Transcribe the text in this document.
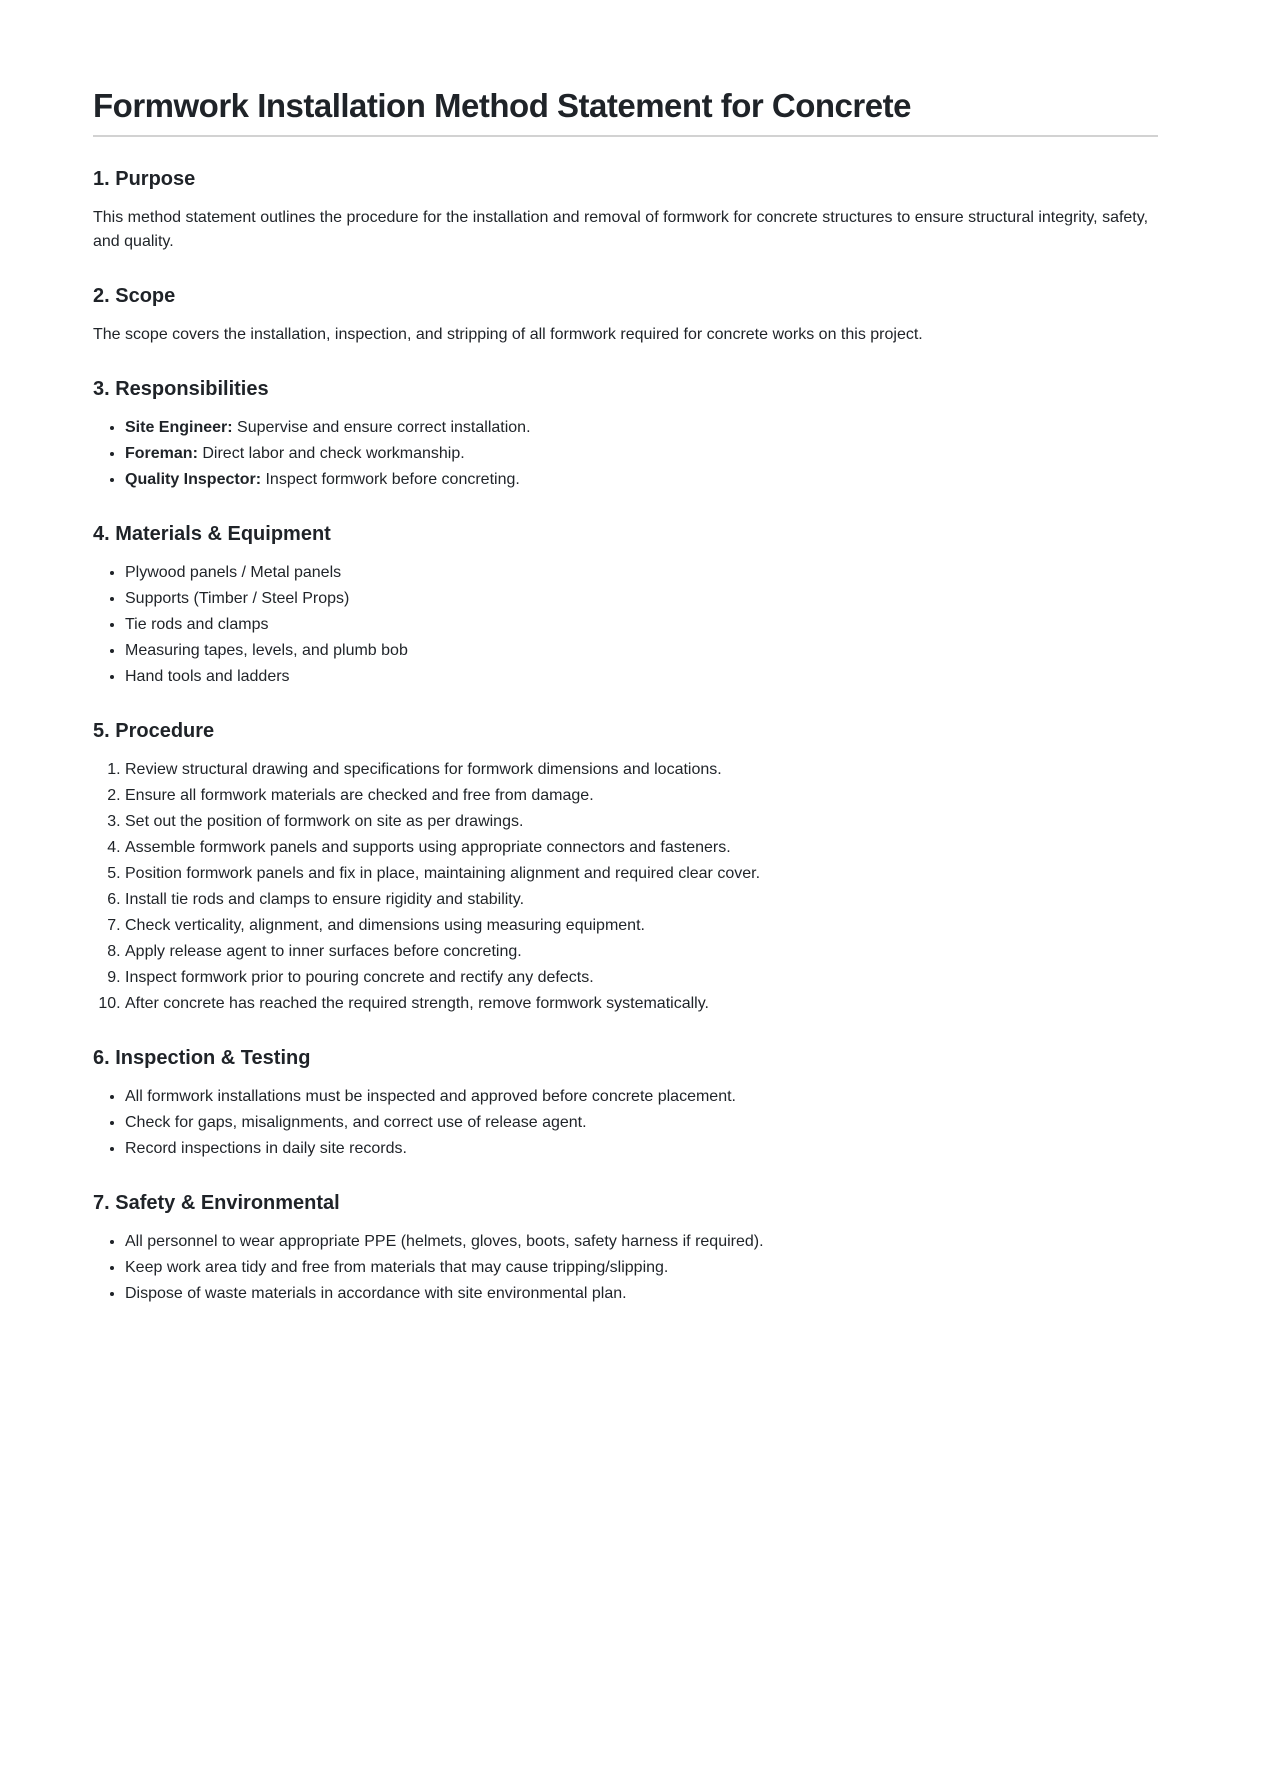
Formwork Installation Method Statement for Concrete
1. Purpose

This method statement outlines the procedure for the installation and removal of formwork for concrete structures to ensure structural integrity, safety, and quality.

2. Scope

The scope covers the installation, inspection, and stripping of all formwork required for concrete works on this project.

3. Responsibilities
• Site Engineer: Supervise and ensure correct installation.
• Foreman: Direct labor and check workmanship.
• Quality Inspector: Inspect formwork before concreting.
4. Materials & Equipment
• Plywood panels / Metal panels
• Supports (Timber / Steel Props)
• Tie rods and clamps
• Measuring tapes, levels, and plumb bob
• Hand tools and ladders
5. Procedure
1. Review structural drawing and specifications for formwork dimensions and locations.
2. Ensure all formwork materials are checked and free from damage.
3. Set out the position of formwork on site as per drawings.
4. Assemble formwork panels and supports using appropriate connectors and fasteners.
5. Position formwork panels and fix in place, maintaining alignment and required clear cover.
6. Install tie rods and clamps to ensure rigidity and stability.
7. Check verticality, alignment, and dimensions using measuring equipment.
8. Apply release agent to inner surfaces before concreting.
9. Inspect formwork prior to pouring concrete and rectify any defects.
10. After concrete has reached the required strength, remove formwork systematically.
6. Inspection & Testing
• All formwork installations must be inspected and approved before concrete placement.
• Check for gaps, misalignments, and correct use of release agent.
• Record inspections in daily site records.
7. Safety & Environmental
• All personnel to wear appropriate PPE (helmets, gloves, boots, safety harness if required).
• Keep work area tidy and free from materials that may cause tripping/slipping.
• Dispose of waste materials in accordance with site environmental plan.
